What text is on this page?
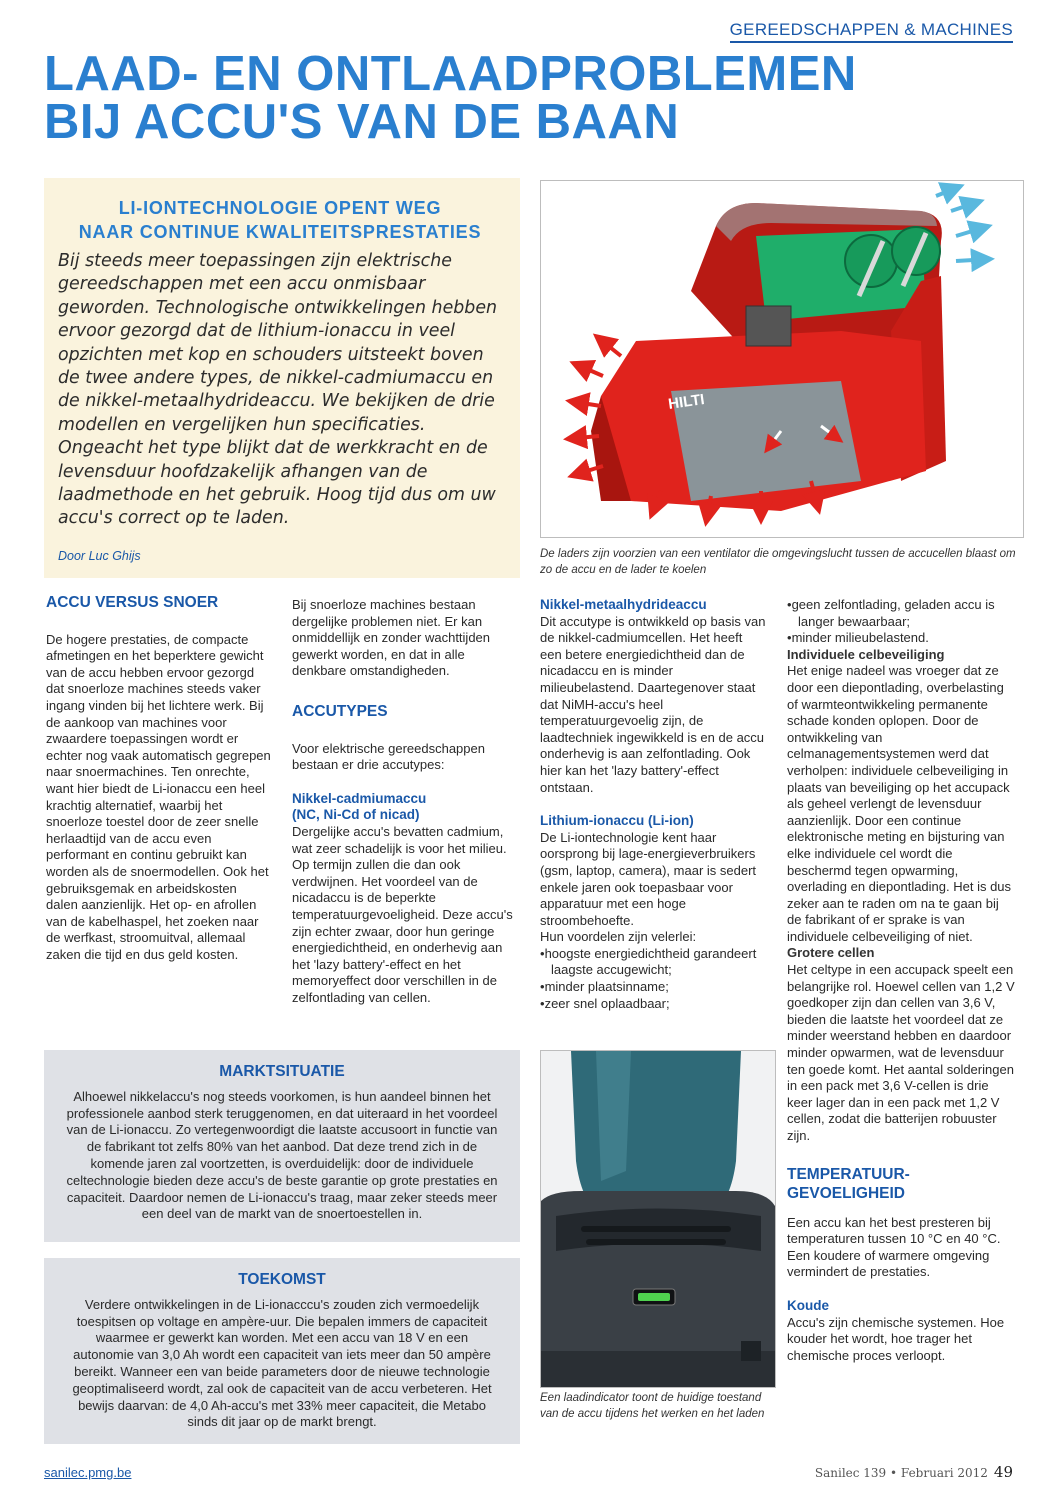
GEREEDSCHAPPEN & MACHINES
LAAD- EN ONTLAADPROBLEMEN
BIJ ACCU'S VAN DE BAAN
LI-IONTECHNOLOGIE OPENT WEG
NAAR CONTINUE KWALITEITSPRESTATIES

Bij steeds meer toepassingen zijn elektrische gereedschappen met een accu onmisbaar geworden. Technologische ontwikkelingen hebben ervoor gezorgd dat de lithium-ionaccu in veel opzichten met kop en schouders uitsteekt boven de twee andere types, de nikkel-cadmiumaccu en de nikkel-metaalhydrideaccu. We bekijken de drie modellen en vergelijken hun specificaties. Ongeacht het type blijkt dat de werkkracht en de levensduur hoofdzakelijk afhangen van de laadmethode en het gebruik. Hoog tijd dus om uw accu's correct op te laden.

Door Luc Ghijs
HILTI
De laders zijn voorzien van een ventilator die omgevingslucht tussen de accucellen blaast om zo de accu en de lader te koelen
ACCU VERSUS SNOER

De hogere prestaties, de compacte afmetingen en het beperktere gewicht van de accu hebben ervoor gezorgd dat snoerloze machines steeds vaker ingang vinden bij het lichtere werk. Bij de aankoop van machines voor zwaardere toepassingen wordt er echter nog vaak automatisch gegrepen naar snoermachines. Ten onrechte, want hier biedt de Li-ionaccu een heel krachtig alternatief, waarbij het snoerloze toestel door de zeer snelle herlaadtijd van de accu even performant en continu gebruikt kan worden als de snoermodellen. Ook het gebruiksgemak en arbeidskosten dalen aanzienlijk. Het op- en afrollen van de kabelhaspel, het zoeken naar de werfkast, stroomuitval, allemaal zaken die tijd en dus geld kosten.

Bij snoerloze machines bestaan dergelijke problemen niet. Er kan onmiddellijk en zonder wachttijden gewerkt worden, en dat in alle denkbare omstandigheden.

ACCUTYPES

Voor elektrische gereedschappen bestaan er drie accutypes:

Nikkel-cadmiumaccu
(NC, Ni-Cd of nicad)

Dergelijke accu's bevatten cadmium, wat zeer schadelijk is voor het milieu. Op termijn zullen die dan ook verdwijnen. Het voordeel van de nicadaccu is de beperkte temperatuurgevoeligheid. Deze accu's zijn echter zwaar, door hun geringe energiedichtheid, en onderhevig aan het 'lazy battery'-effect en het memoryeffect door verschillen in de zelfontlading van cellen.

Nikkel-metaalhydrideaccu

Dit accutype is ontwikkeld op basis van de nikkel-cadmiumcellen. Het heeft een betere energiedichtheid dan de nicadaccu en is minder milieubelastend. Daartegenover staat dat NiMH-accu's heel temperatuurgevoelig zijn, de laadtechniek ingewikkeld is en de accu onderhevig is aan zelfontlading. Ook hier kan het 'lazy battery'-effect ontstaan.

Lithium-ionaccu (Li-ion)

De Li-iontechnologie kent haar oorsprong bij lage-energieverbruikers (gsm, laptop, camera), maar is sedert enkele jaren ook toepasbaar voor apparatuur met een hoge stroombehoefte.

Hun voordelen zijn velerlei:

• hoogste energiedichtheid garandeert laagste accugewicht;
• minder plaatsinname;
• zeer snel oplaadbaar;
• geen zelfontlading, geladen accu is langer bewaarbaar;
• minder milieubelastend.
Individuele celbeveiliging

Het enige nadeel was vroeger dat ze door een diepontlading, overbelasting of warmteontwikkeling permanente schade konden oplopen. Door de ontwikkeling van celmanagementsystemen werd dat verholpen: individuele celbeveiliging in plaats van beveiliging op het accupack als geheel verlengt de levensduur aanzienlijk. Door een continue elektronische meting en bijsturing van elke individuele cel wordt die beschermd tegen opwarming, overlading en diepontlading. Het is dus zeker aan te raden om na te gaan bij de fabrikant of er sprake is van individuele celbeveiliging of niet.

Grotere cellen

Het celtype in een accupack speelt een belangrijke rol. Hoewel cellen van 1,2 V goedkoper zijn dan cellen van 3,6 V, bieden die laatste het voordeel dat ze minder weerstand hebben en daardoor minder opwarmen, wat de levensduur ten goede komt. Het aantal solderingen in een pack met 3,6 V-cellen is drie keer lager dan in een pack met 1,2 V cellen, zodat die batterijen robuuster zijn.

TEMPERATUUR-
GEVOELIGHEID

Een accu kan het best presteren bij temperaturen tussen 10 °C en 40 °C. Een koudere of warmere omgeving vermindert de prestaties.

Koude

Accu's zijn chemische systemen. Hoe kouder het wordt, hoe trager het chemische proces verloopt.

MARKTSITUATIE
Alhoewel nikkelaccu's nog steeds voorkomen, is hun aandeel binnen het professionele aanbod sterk teruggenomen, en dat uiteraard in het voordeel van de Li-ionaccu. Zo vertegenwoordigt die laatste accusoort in functie van de fabrikant tot zelfs 80% van het aanbod. Dat deze trend zich in de komende jaren zal voortzetten, is overduidelijk: door de individuele celtechnologie bieden deze accu's de beste garantie op grote prestaties en capaciteit. Daardoor nemen de Li-ionaccu's traag, maar zeker steeds meer een deel van de markt van de snoertoestellen in.
TOEKOMST
Verdere ontwikkelingen in de Li-ionacccu's zouden zich vermoedelijk toespitsen op voltage en ampère-uur. Die bepalen immers de capaciteit waarmee er gewerkt kan worden. Met een accu van 18 V en een autonomie van 3,0 Ah wordt een capaciteit van iets meer dan 50 ampère bereikt. Wanneer een van beide parameters door de nieuwe technologie geoptimaliseerd wordt, zal ook de capaciteit van de accu verbeteren. Het bewijs daarvan: de 4,0 Ah-accu's met 33% meer capaciteit, die Metabo sinds dit jaar op de markt brengt.
Een laadindicator toont de huidige toestand van de accu tijdens het werken en het laden
sanilec.pmg.be	Sanilec 139 • Februari 2012 49
